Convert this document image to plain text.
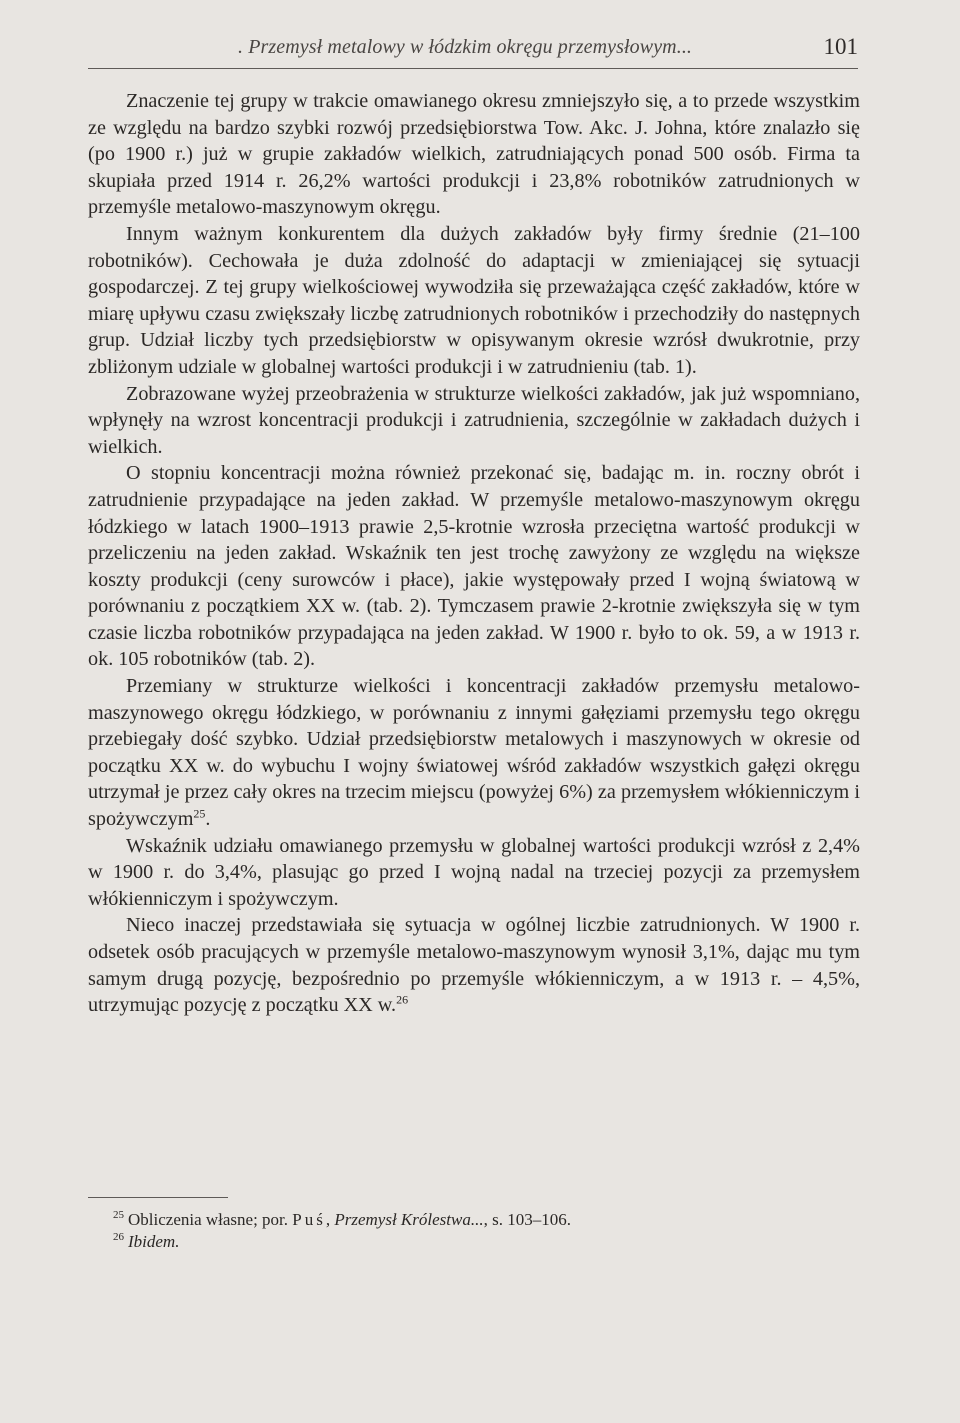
. Przemysł metalowy w łódzkim okręgu przemysłowym...	101

Znaczenie tej grupy w trakcie omawianego okresu zmniejszyło się, a to przede wszystkim ze względu na bardzo szybki rozwój przedsiębiorstwa Tow. Akc. J. Johna, które znalazło się (po 1900 r.) już w grupie zakładów wielkich, zatrudniających ponad 500 osób. Firma ta skupiała przed 1914 r. 26,2% wartości produkcji i 23,8% robotników zatrudnionych w przemyśle metalowo-maszynowym okręgu.

Innym ważnym konkurentem dla dużych zakładów były firmy średnie (21–100 robotników). Cechowała je duża zdolność do adaptacji w zmieniającej się sytuacji gospodarczej. Z tej grupy wielkościowej wywodziła się przeważająca część zakładów, które w miarę upływu czasu zwiększały liczbę zatrudnionych robotników i przechodziły do następnych grup. Udział liczby tych przedsiębiorstw w opisywanym okresie wzrósł dwukrotnie, przy zbliżonym udziale w globalnej wartości produkcji i w zatrudnieniu (tab. 1).

Zobrazowane wyżej przeobrażenia w strukturze wielkości zakładów, jak już wspomniano, wpłynęły na wzrost koncentracji produkcji i zatrudnienia, szczególnie w zakładach dużych i wielkich.

O stopniu koncentracji można również przekonać się, badając m. in. roczny obrót i zatrudnienie przypadające na jeden zakład. W przemyśle metalowo-maszynowym okręgu łódzkiego w latach 1900–1913 prawie 2,5-krotnie wzrosła przeciętna wartość produkcji w przeliczeniu na jeden zakład. Wskaźnik ten jest trochę zawyżony ze względu na większe koszty produkcji (ceny surowców i płace), jakie występowały przed I wojną światową w porównaniu z początkiem XX w. (tab. 2). Tymczasem prawie 2-krotnie zwiększyła się w tym czasie liczba robotników przypadająca na jeden zakład. W 1900 r. było to ok. 59, a w 1913 r. ok. 105 robotników (tab. 2).

Przemiany w strukturze wielkości i koncentracji zakładów przemysłu metalowo-maszynowego okręgu łódzkiego, w porównaniu z innymi gałęziami przemysłu tego okręgu przebiegały dość szybko. Udział przedsiębiorstw metalowych i maszynowych w okresie od początku XX w. do wybuchu I wojny światowej wśród zakładów wszystkich gałęzi okręgu utrzymał je przez cały okres na trzecim miejscu (powyżej 6%) za przemysłem włókienniczym i spożywczym$^{25}$.

Wskaźnik udziału omawianego przemysłu w globalnej wartości produkcji wzrósł z 2,4% w 1900 r. do 3,4%, plasując go przed I wojną nadal na trzeciej pozycji za przemysłem włókienniczym i spożywczym.

Nieco inaczej przedstawiała się sytuacja w ogólnej liczbie zatrudnionych. W 1900 r. odsetek osób pracujących w przemyśle metalowo-maszynowym wynosił 3,1%, dając mu tym samym drugą pozycję, bezpośrednio po przemyśle włókienniczym, a w 1913 r. – 4,5%, utrzymując pozycję z początku XX w.$^{26}$

25 Obliczenia własne; por. Puś, Przemysł Królestwa..., s. 103–106.
26 Ibidem.
